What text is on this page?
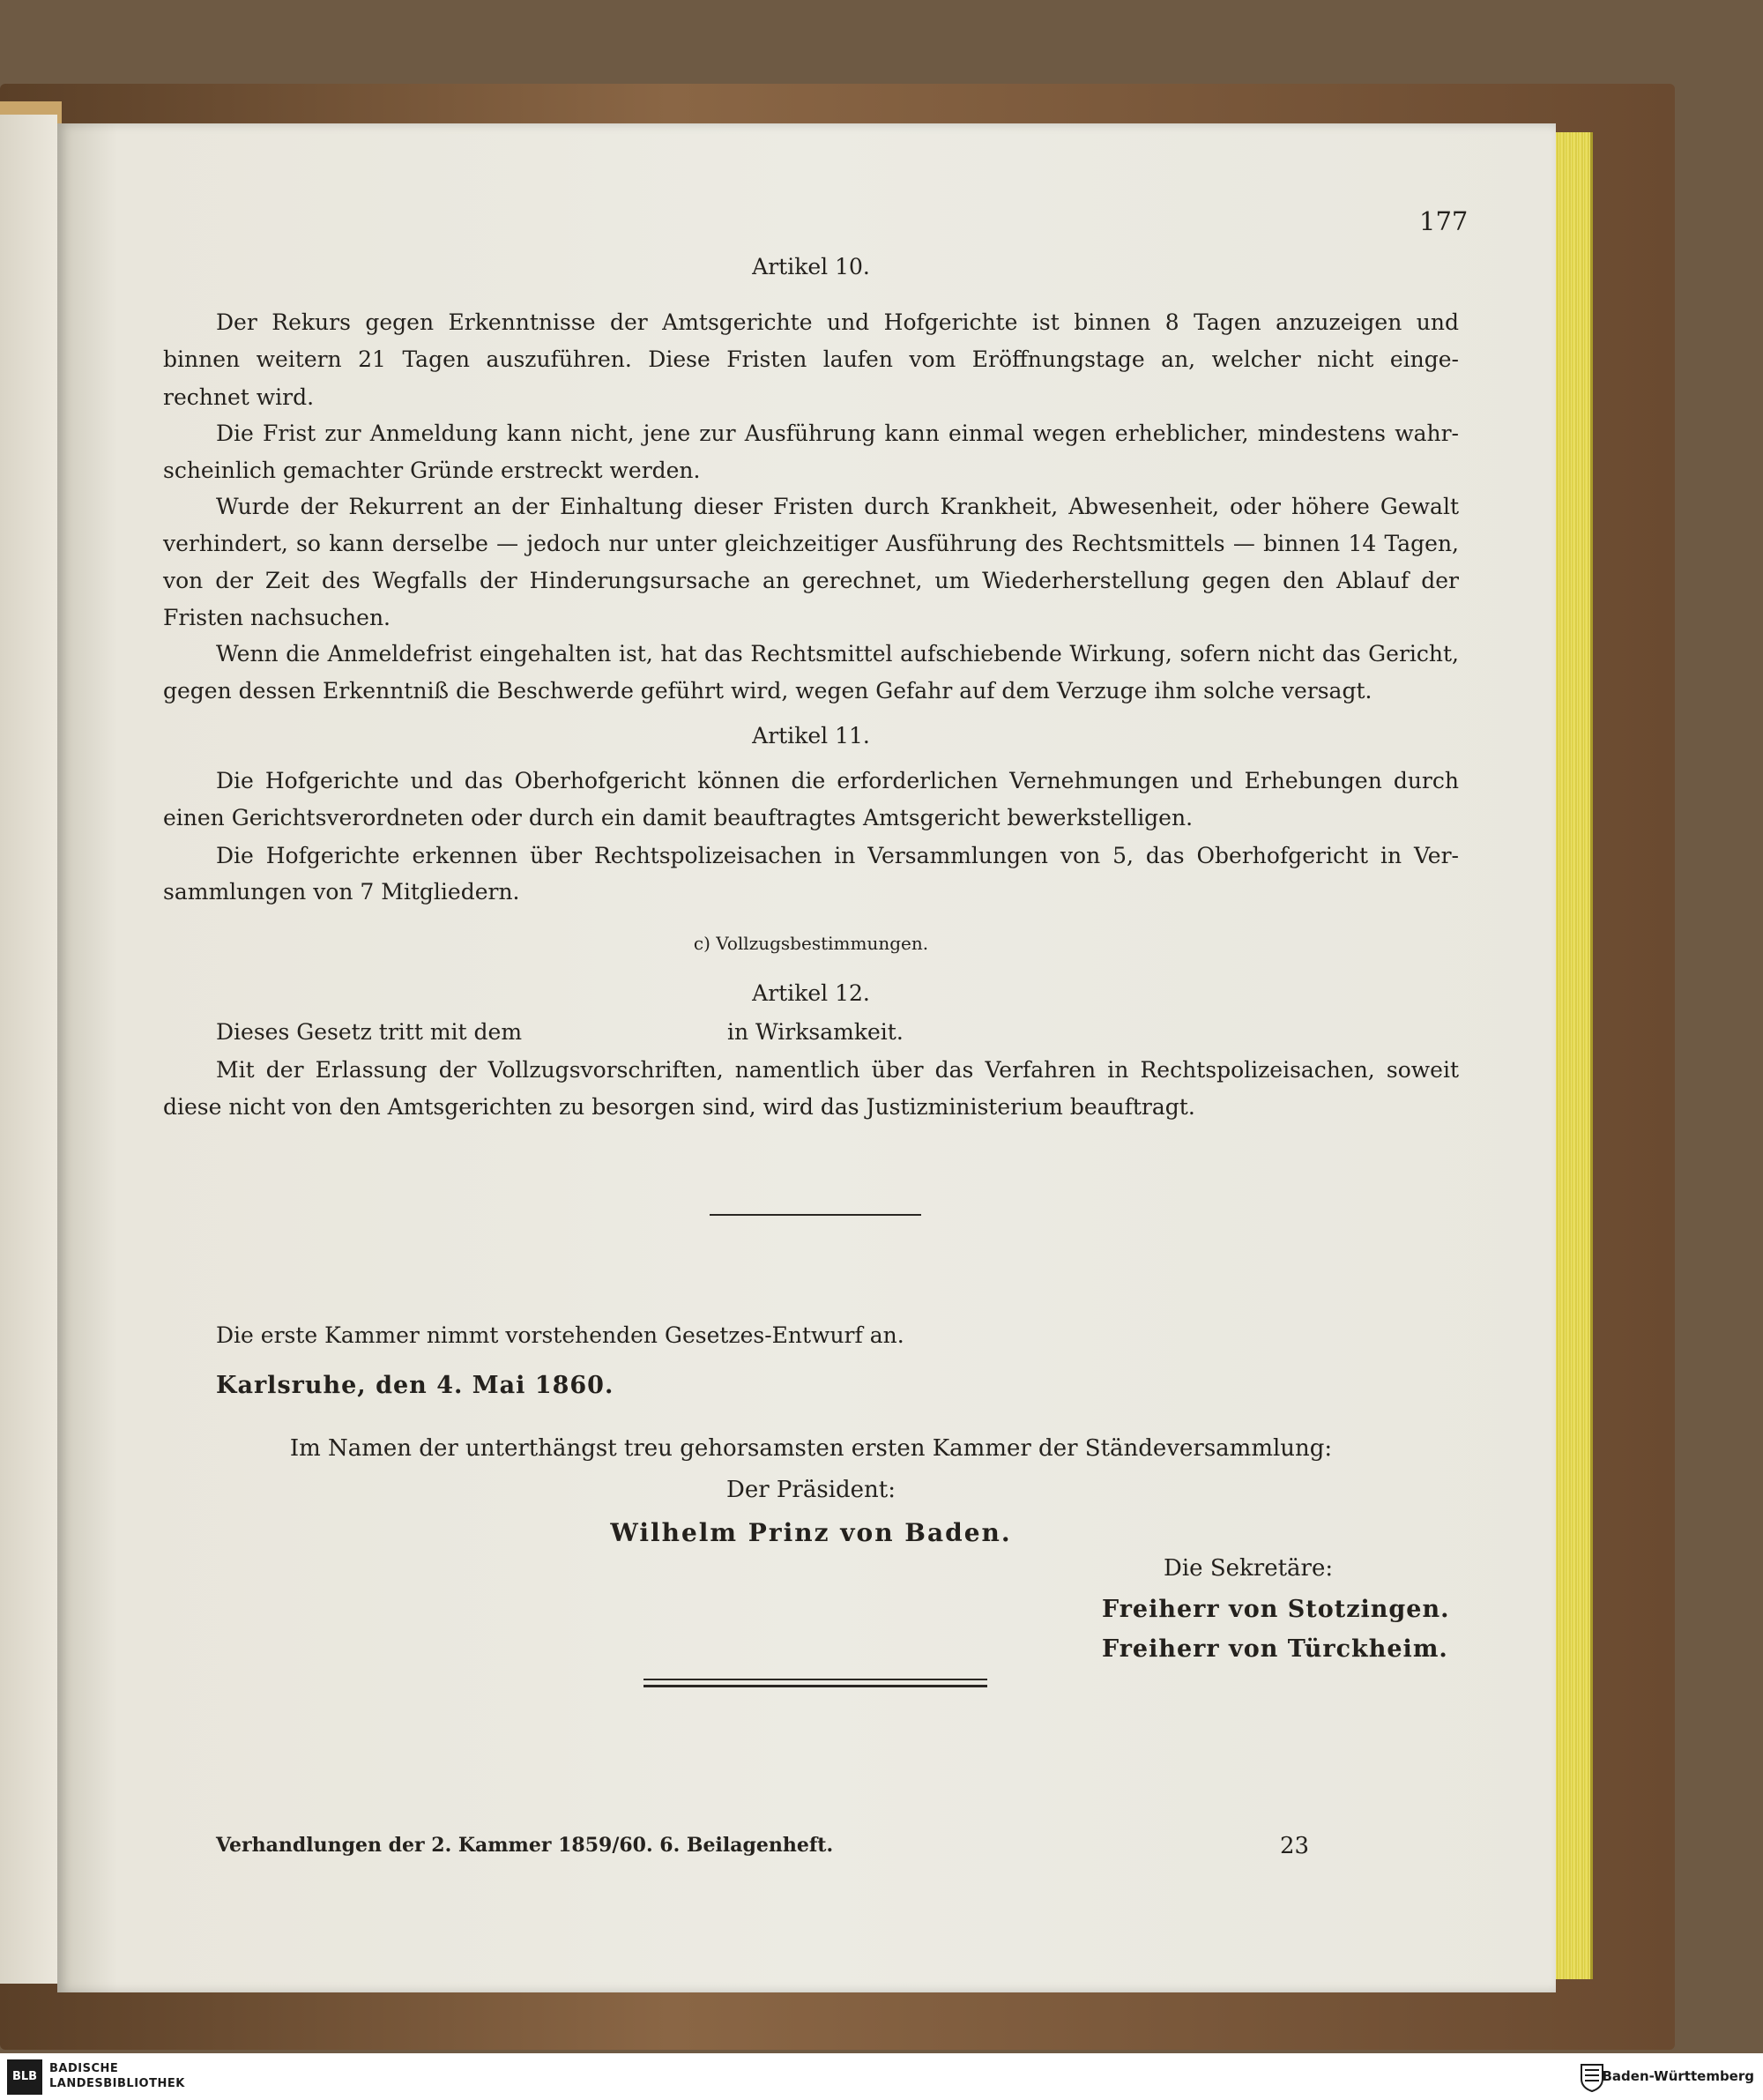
177
Artikel 10.
Der Rekurs gegen Erkenntnisse der Amtsgerichte und Hofgerichte ist binnen 8 Tagen anzuzeigen und
binnen weitern 21 Tagen auszuführen. Diese Fristen laufen vom Eröffnungstage an, welcher nicht einge-
rechnet wird.
Die Frist zur Anmeldung kann nicht, jene zur Ausführung kann einmal wegen erheblicher, mindestens wahr-
scheinlich gemachter Gründe erstreckt werden.
Wurde der Rekurrent an der Einhaltung dieser Fristen durch Krankheit, Abwesenheit, oder höhere Gewalt
verhindert, so kann derselbe — jedoch nur unter gleichzeitiger Ausführung des Rechtsmittels — binnen 14 Tagen,
von der Zeit des Wegfalls der Hinderungsursache an gerechnet, um Wiederherstellung gegen den Ablauf der
Fristen nachsuchen.
Wenn die Anmeldefrist eingehalten ist, hat das Rechtsmittel aufschiebende Wirkung, sofern nicht das Gericht,
gegen dessen Erkenntniß die Beschwerde geführt wird, wegen Gefahr auf dem Verzuge ihm solche versagt.
Artikel 11.
Die Hofgerichte und das Oberhofgericht können die erforderlichen Vernehmungen und Erhebungen durch
einen Gerichtsverordneten oder durch ein damit beauftragtes Amtsgericht bewerkstelligen.
Die Hofgerichte erkennen über Rechtspolizeisachen in Versammlungen von 5, das Oberhofgericht in Ver-
sammlungen von 7 Mitgliedern.
c) Vollzugsbestimmungen.
Artikel 12.
Dieses Gesetz tritt mit dem	in Wirksamkeit.
Mit der Erlassung der Vollzugsvorschriften, namentlich über das Verfahren in Rechtspolizeisachen, soweit
diese nicht von den Amtsgerichten zu besorgen sind, wird das Justizministerium beauftragt.
Die erste Kammer nimmt vorstehenden Gesetzes-Entwurf an.
Karlsruhe, den 4. Mai 1860.
Im Namen der unterthängst treu gehorsamsten ersten Kammer der Ständeversammlung:
Der Präsident:
Wilhelm Prinz von Baden.
Die Sekretäre:
Freiherr von Stotzingen.
Freiherr von Türckheim.
Verhandlungen der 2. Kammer 1859/60. 6. Beilagenheft.	23
BLB
BADISCHE
LANDESBIBLIOTHEK	Baden-Württemberg
